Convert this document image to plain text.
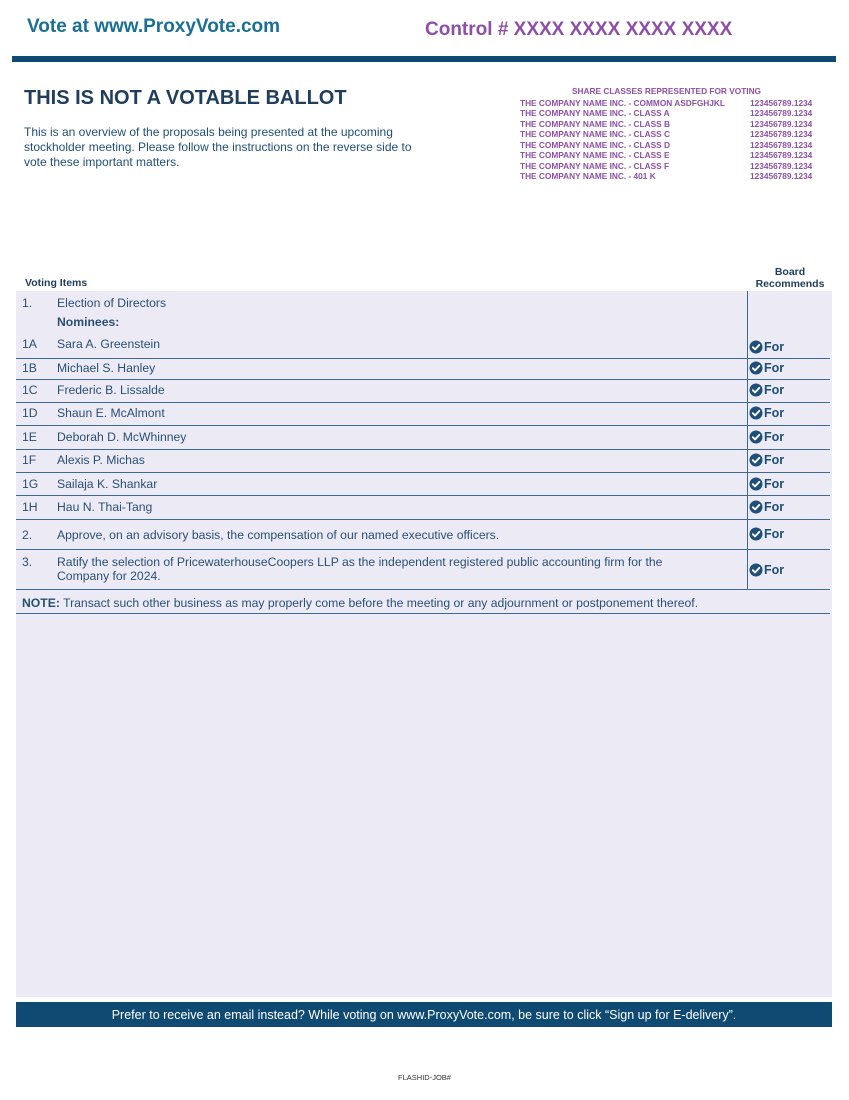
Vote at www.ProxyVote.com	Control # XXXX XXXX XXXX XXXX
THIS IS NOT A VOTABLE BALLOT
This is an overview of the proposals being presented at the upcoming stockholder meeting. Please follow the instructions on the reverse side to vote these important matters.
SHARE CLASSES REPRESENTED FOR VOTING
THE COMPANY NAME INC. - COMMON ASDFGHJKL	123456789.1234
THE COMPANY NAME INC. - CLASS A	123456789.1234
THE COMPANY NAME INC. - CLASS B	123456789.1234
THE COMPANY NAME INC. - CLASS C	123456789.1234
THE COMPANY NAME INC. - CLASS D	123456789.1234
THE COMPANY NAME INC. - CLASS E	123456789.1234
THE COMPANY NAME INC. - CLASS F	123456789.1234
THE COMPANY NAME INC. - 401 K	123456789.1234
Voting Items
Board
Recommends
1. Election of Directors
Nominees:
1A Sara A. Greenstein	For
1B Michael S. Hanley	For
1C Frederic B. Lissalde	For
1D Shaun E. McAlmont	For
1E Deborah D. McWhinney	For
1F Alexis P. Michas	For
1G Sailaja K. Shankar	For
1H Hau N. Thai-Tang	For
2. Approve, on an advisory basis, the compensation of our named executive officers.	For
3. Ratify the selection of PricewaterhouseCoopers LLP as the independent registered public accounting firm for the
Company for 2024.	For
NOTE: Transact such other business as may properly come before the meeting or any adjournment or postponement thereof.
Prefer to receive an email instead? While voting on www.ProxyVote.com, be sure to click “Sign up for E-delivery”.
FLASHID-JOB#
